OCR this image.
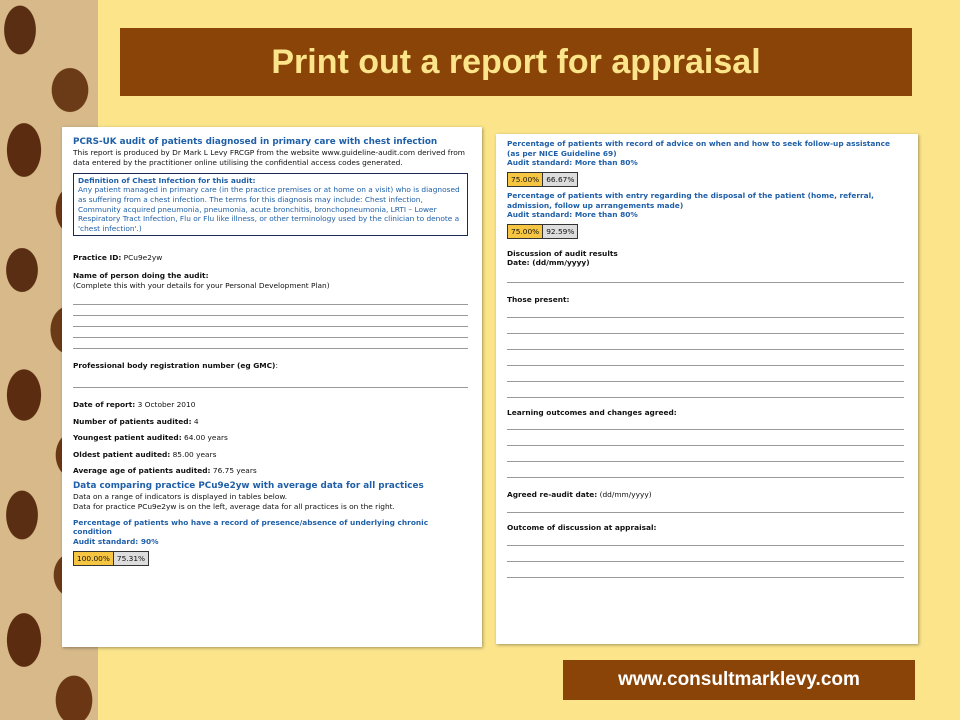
Print out a report for appraisal

PCRS-UK audit of patients diagnosed in primary care with chest infection

This report is produced by Dr Mark L Levy FRCGP from the website www.guideline-audit.com derived from data entered by the practitioner online utilising the confidential access codes generated.

Definition of Chest Infection for this audit:

Any patient managed in primary care (in the practice premises or at home on a visit) who is diagnosed as suffering from a chest infection. The terms for this diagnosis may include: Chest infection, Community acquired pneumonia, pneumonia, acute bronchitis, bronchopneumonia, LRTI – Lower Respiratory Tract Infection, Flu or Flu like illness, or other terminology used by the clinician to denote a 'chest infection'.)

Practice ID: PCu9e2yw

Name of person doing the audit:

(Complete this with your details for your Personal Development Plan)

Professional body registration number (eg GMC):

Date of report: 3 October 2010

Number of patients audited: 4

Youngest patient audited: 64.00 years

Oldest patient audited: 85.00 years

Average age of patients audited: 76.75 years

Data comparing practice PCu9e2yw with average data for all practices

Data on a range of indicators is displayed in tables below.

Data for practice PCu9e2yw is on the left, average data for all practices is on the right.

Percentage of patients who have a record of presence/absence of underlying chronic condition

Audit standard: 90%

100.00% 75.31%

Percentage of patients with record of advice on when and how to seek follow-up assistance (as per NICE Guideline 69)

Audit standard: More than 80%

75.00% 66.67%

Percentage of patients with entry regarding the disposal of the patient (home, referral, admission, follow up arrangements made)

Audit standard: More than 80%

75.00% 92.59%

Discussion of audit results

Date: (dd/mm/yyyy)

Those present:

Learning outcomes and changes agreed:

Agreed re-audit date: (dd/mm/yyyy)

Outcome of discussion at appraisal:

www.consultmarklevy.com
